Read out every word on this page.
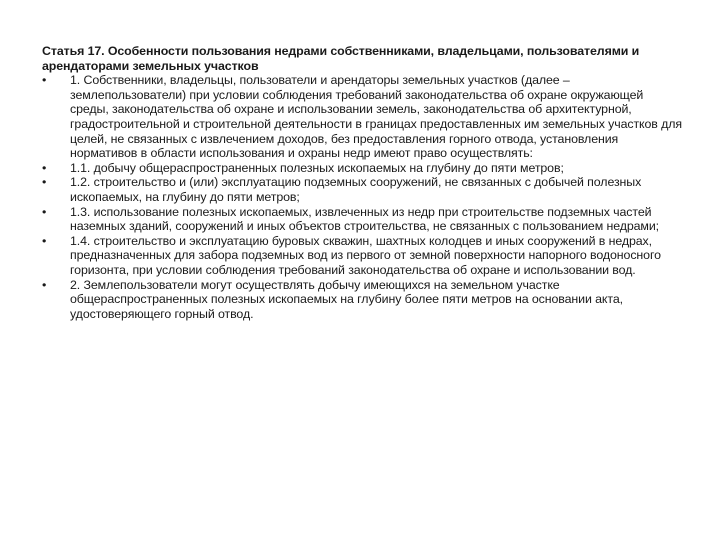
Статья 17. Особенности пользования недрами собственниками, владельцами, пользователями и арендаторами земельных участков

•	1. Собственники, владельцы, пользователи и арендаторы земельных участков (далее – землепользователи) при условии соблюдения требований законодательства об охране окружающей среды, законодательства об охране и использовании земель, законодательства об архитектурной, градостроительной и строительной деятельности в границах предоставленных им земельных участков для целей, не связанных с извлечением доходов, без предоставления горного отвода, установления нормативов в области использования и охраны недр имеют право осуществлять:
•	1.1. добычу общераспространенных полезных ископаемых на глубину до пяти метров;
•	1.2. строительство и (или) эксплуатацию подземных сооружений, не связанных с добычей полезных ископаемых, на глубину до пяти метров;
•	1.3. использование полезных ископаемых, извлеченных из недр при строительстве подземных частей наземных зданий, сооружений и иных объектов строительства, не связанных с пользованием недрами;
•	1.4. строительство и эксплуатацию буровых скважин, шахтных колодцев и иных сооружений в недрах, предназначенных для забора подземных вод из первого от земной поверхности напорного водоносного горизонта, при условии соблюдения требований законодательства об охране и использовании вод.
•	2. Землепользователи могут осуществлять добычу имеющихся на земельном участке общераспространенных полезных ископаемых на глубину более пяти метров на основании акта, удостоверяющего горный отвод.
